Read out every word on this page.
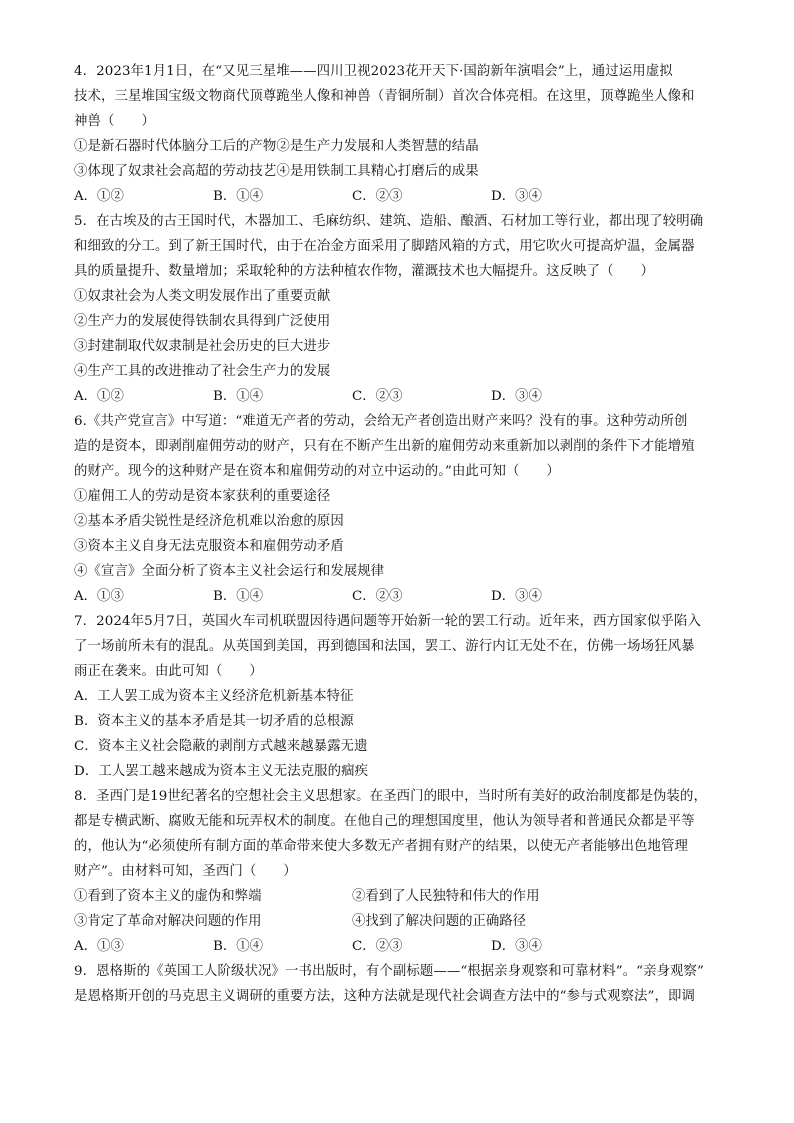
4．2023年1月1日，在“又见三星堆——四川卫视2023花开天下·国韵新年演唱会”上，通过运用虚拟
技术，三星堆国宝级文物商代顶尊跪坐人像和神兽（青铜所制）首次合体亮相。在这里，顶尊跪坐人像和
神兽（　　）
①是新石器时代体脑分工后的产物②是生产力发展和人类智慧的结晶
③体现了奴隶社会高超的劳动技艺④是用铁制工具精心打磨后的成果
A．①②	B．①④	C．②③	D．③④
5．在古埃及的古王国时代，木器加工、毛麻纺织、建筑、造船、酿酒、石材加工等行业，都出现了较明确
和细致的分工。到了新王国时代，由于在冶金方面采用了脚踏风箱的方式，用它吹火可提高炉温，金属器
具的质量提升、数量增加；采取轮种的方法种植农作物，灌溉技术也大幅提升。这反映了（　　）
①奴隶社会为人类文明发展作出了重要贡献
②生产力的发展使得铁制农具得到广泛使用
③封建制取代奴隶制是社会历史的巨大进步
④生产工具的改进推动了社会生产力的发展
A．①②	B．①④	C．②③	D．③④
6.《共产党宣言》中写道：“难道无产者的劳动，会给无产者创造出财产来吗？没有的事。这种劳动所创
造的是资本，即剥削雇佣劳动的财产，只有在不断产生出新的雇佣劳动来重新加以剥削的条件下才能增殖
的财产。现今的这种财产是在资本和雇佣劳动的对立中运动的。”由此可知（　　）
①雇佣工人的劳动是资本家获利的重要途径
②基本矛盾尖锐性是经济危机难以治愈的原因
③资本主义自身无法克服资本和雇佣劳动矛盾
④《宣言》全面分析了资本主义社会运行和发展规律
A．①③	B．①④	C．②③	D．③④
7．2024年5月7日，英国火车司机联盟因待遇问题等开始新一轮的罢工行动。近年来，西方国家似乎陷入
了一场前所未有的混乱。从英国到美国，再到德国和法国，罢工、游行内讧无处不在，仿佛一场场狂风暴
雨正在袭来。由此可知（　　）
A．工人罢工成为资本主义经济危机新基本特征
B．资本主义的基本矛盾是其一切矛盾的总根源
C．资本主义社会隐蔽的剥削方式越来越暴露无遗
D．工人罢工越来越成为资本主义无法克服的痼疾
8．圣西门是19世纪著名的空想社会主义思想家。在圣西门的眼中，当时所有美好的政治制度都是伪装的，
都是专横武断、腐败无能和玩弄权术的制度。在他自己的理想国度里，他认为领导者和普通民众都是平等
的，他认为“必须使所有制方面的革命带来使大多数无产者拥有财产的结果，以使无产者能够出色地管理
财产”。由材料可知，圣西门（　　）
①看到了资本主义的虚伪和弊端	②看到了人民独特和伟大的作用
③肯定了革命对解决问题的作用	④找到了解决问题的正确路径
A．①③	B．①④	C．②③	D．③④
9．恩格斯的《英国工人阶级状况》一书出版时，有个副标题——“根据亲身观察和可靠材料”。“亲身观察”
是恩格斯开创的马克思主义调研的重要方法，这种方法就是现代社会调查方法中的“参与式观察法”，即调
